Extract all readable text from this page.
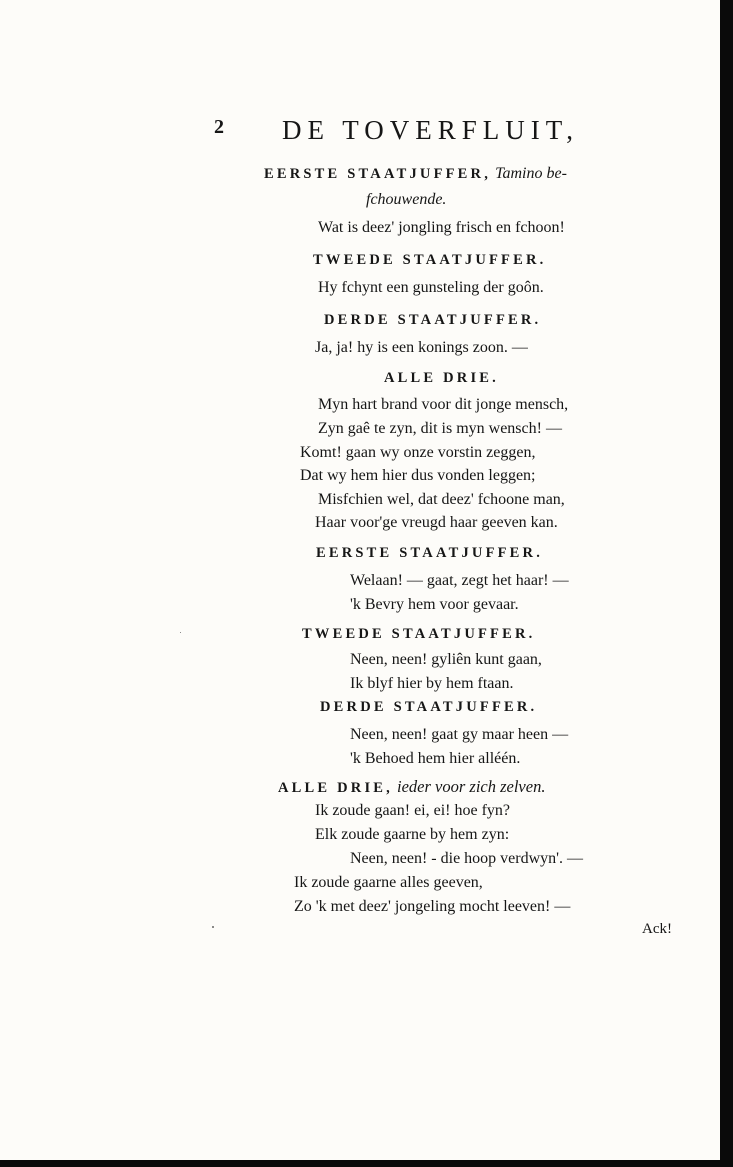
2 DE TOVERFLUIT,
EERSTE STAATJUFFER, Tamino be-
fchouwende.
Wat is deez' jongling frisch en fchoon!
TWEEDE STAATJUFFER.
Hy fchynt een gunsteling der goôn.
DERDE STAATJUFFER.
Ja, ja! hy is een konings zoon. —
ALLE DRIE.
Myn hart brand voor dit jonge mensch,
Zyn gaê te zyn, dit is myn wensch! —
Komt! gaan wy onze vorstin zeggen,
Dat wy hem hier dus vonden leggen;
Misfchien wel, dat deez' fchoone man,
Haar voor'ge vreugd haar geeven kan.
EERSTE STAATJUFFER.
Welaan! — gaat, zegt het haar! —
'k Bevry hem voor gevaar.
TWEEDE STAATJUFFER.
Neen, neen! gyliên kunt gaan,
Ik blyf hier by hem ftaan.
DERDE STAATJUFFER.
Neen, neen! gaat gy maar heen —
'k Behoed hem hier alléén.
ALLE DRIE, ieder voor zich zelven.
Ik zoude gaan! ei, ei! hoe fyn?
Elk zoude gaarne by hem zyn:
Neen, neen! - die hoop verdwyn'. —
Ik zoude gaarne alles geeven,
Zo 'k met deez' jongeling mocht leeven! —
Ack!
